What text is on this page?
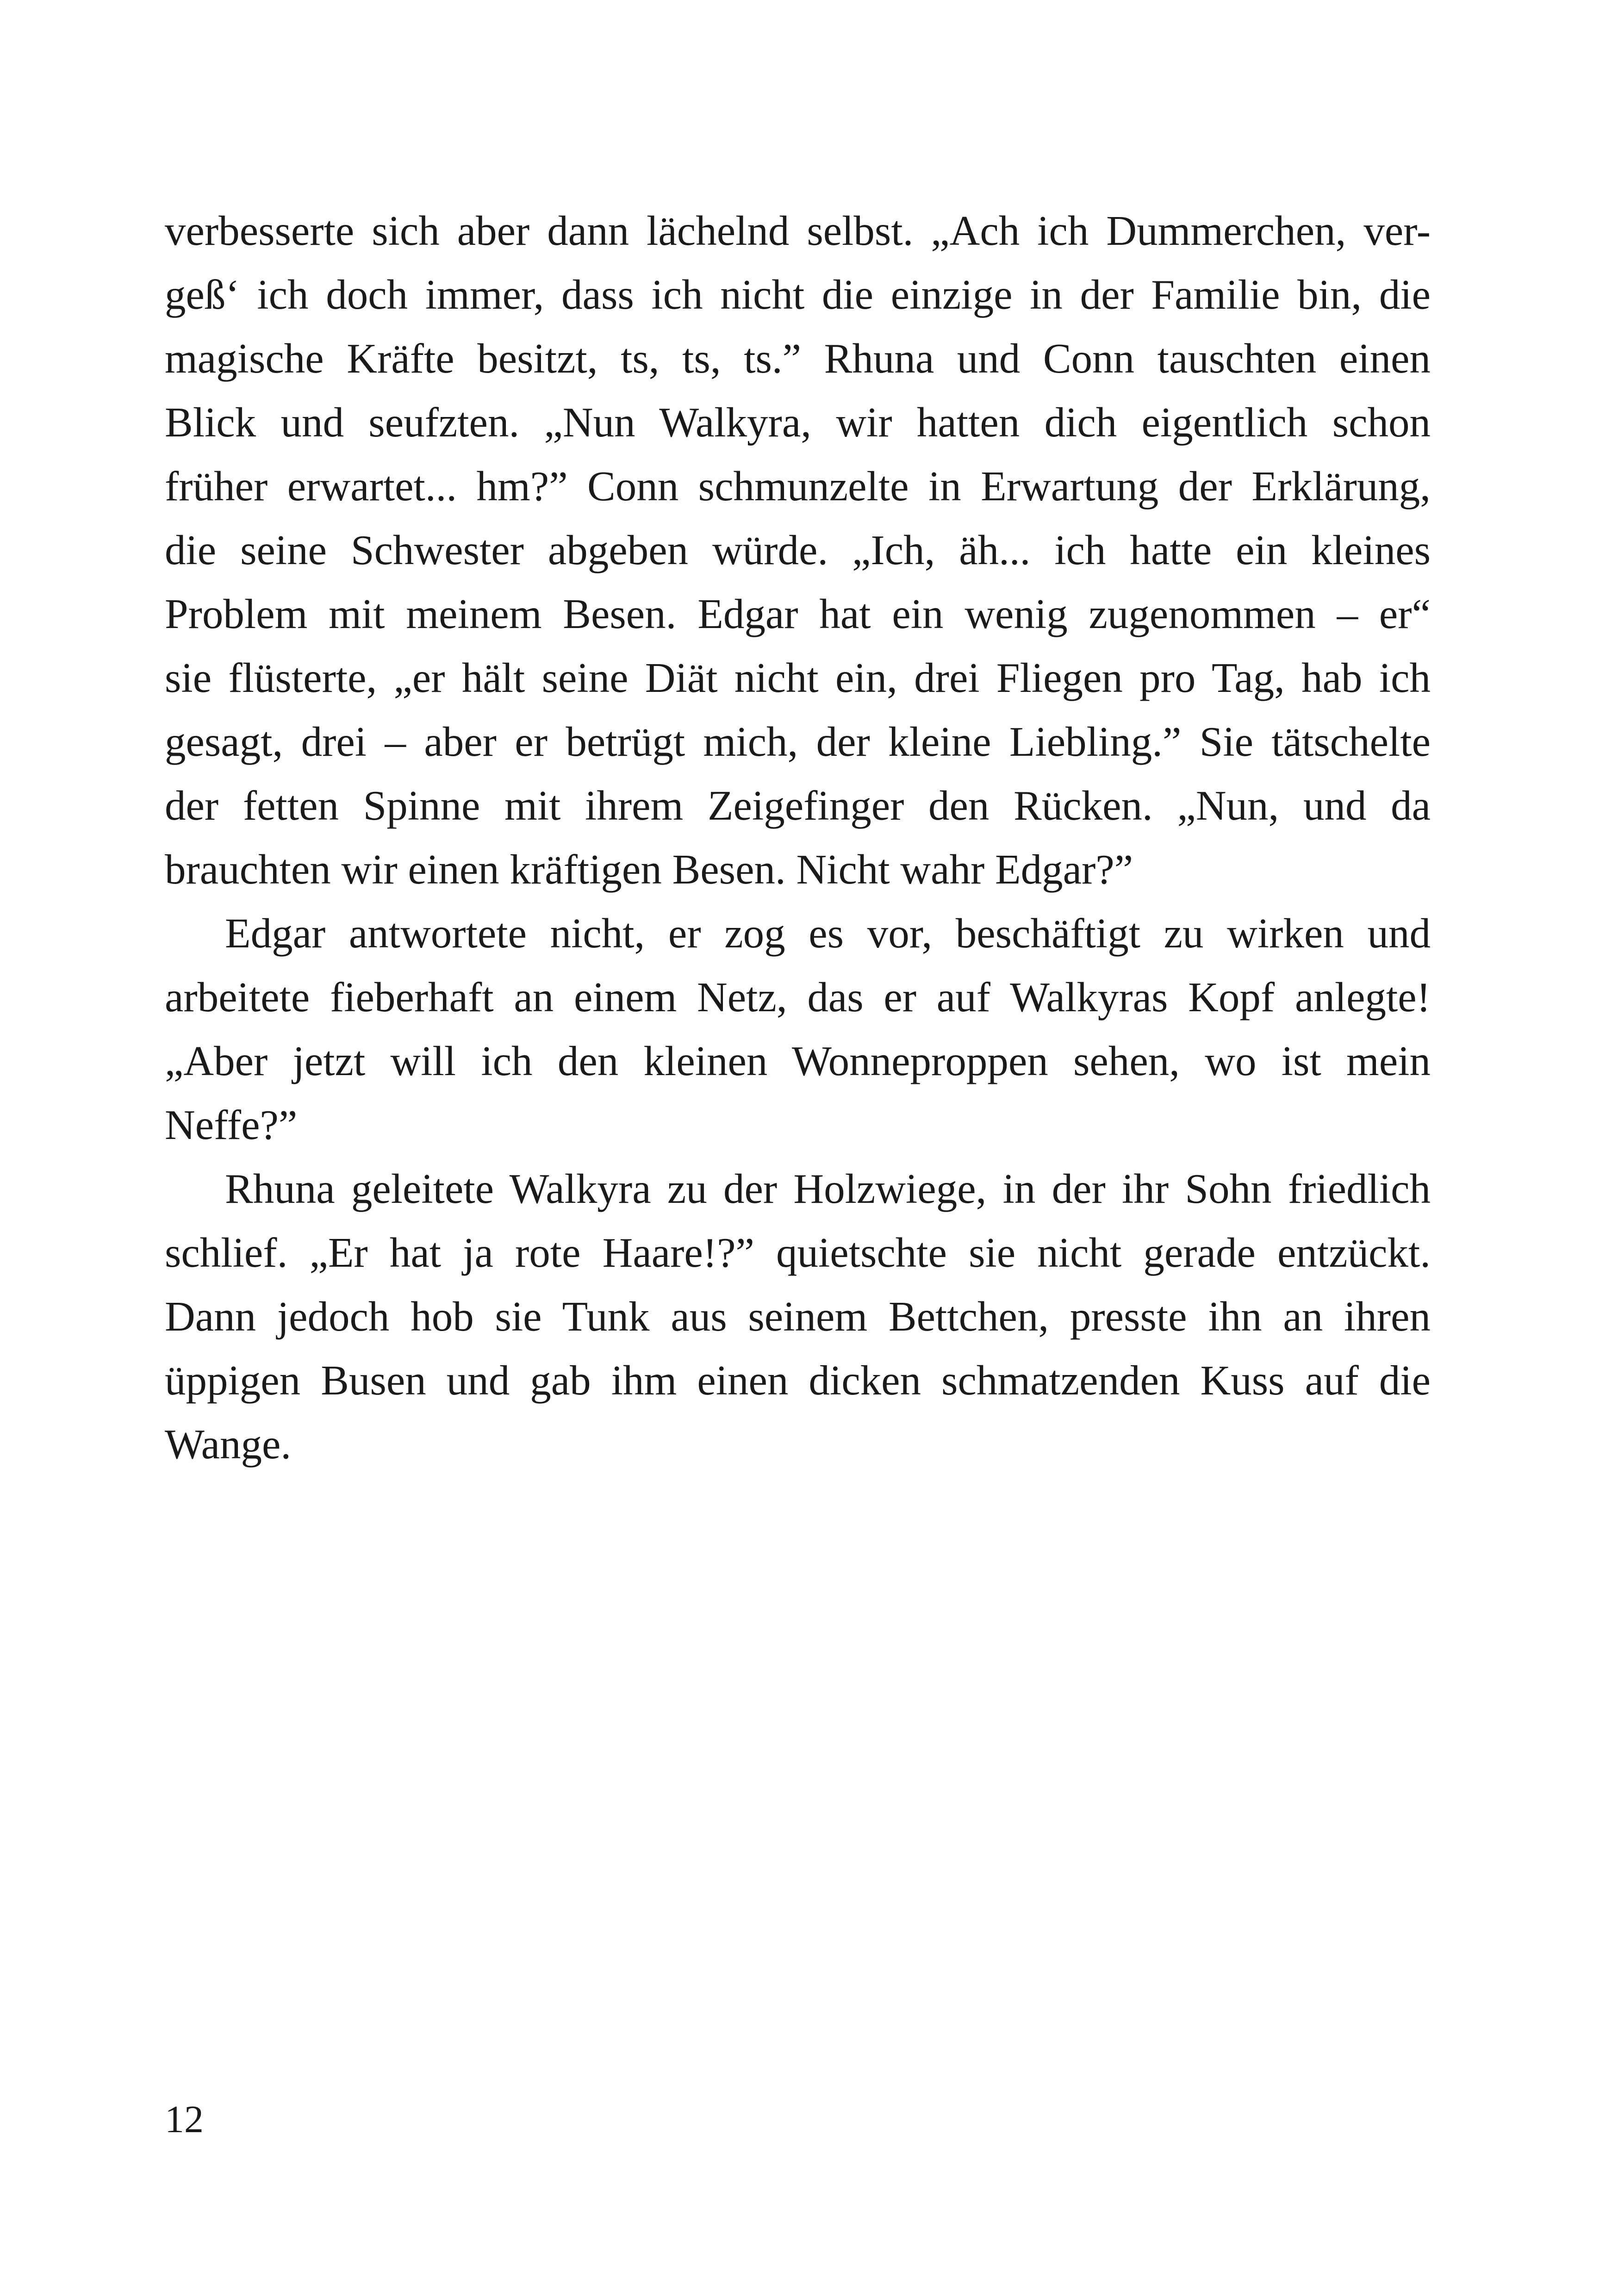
verbesserte sich aber dann lächelnd selbst. „Ach ich Dummerchen, ver-
geß‘ ich doch immer, dass ich nicht die einzige in der Familie bin, die
magische Kräfte besitzt, ts, ts, ts.” Rhuna und Conn tauschten einen
Blick und seufzten. „Nun Walkyra, wir hatten dich eigentlich schon
früher erwartet... hm?” Conn schmunzelte in Erwartung der Erklärung,
die seine Schwester abgeben würde. „Ich, äh... ich hatte ein kleines
Problem mit meinem Besen. Edgar hat ein wenig zugenommen – er“
sie flüsterte, „er hält seine Diät nicht ein, drei Fliegen pro Tag, hab ich
gesagt, drei – aber er betrügt mich, der kleine Liebling.” Sie tätschelte
der fetten Spinne mit ihrem Zeigefinger den Rücken. „Nun, und da
brauchten wir einen kräftigen Besen. Nicht wahr Edgar?”
Edgar antwortete nicht, er zog es vor, beschäftigt zu wirken und
arbeitete fieberhaft an einem Netz, das er auf Walkyras Kopf anlegte!
„Aber jetzt will ich den kleinen Wonneproppen sehen, wo ist mein
Neffe?”
Rhuna geleitete Walkyra zu der Holzwiege, in der ihr Sohn friedlich
schlief. „Er hat ja rote Haare!?” quietschte sie nicht gerade entzückt.
Dann jedoch hob sie Tunk aus seinem Bettchen, presste ihn an ihren
üppigen Busen und gab ihm einen dicken schmatzenden Kuss auf die
Wange.
12
